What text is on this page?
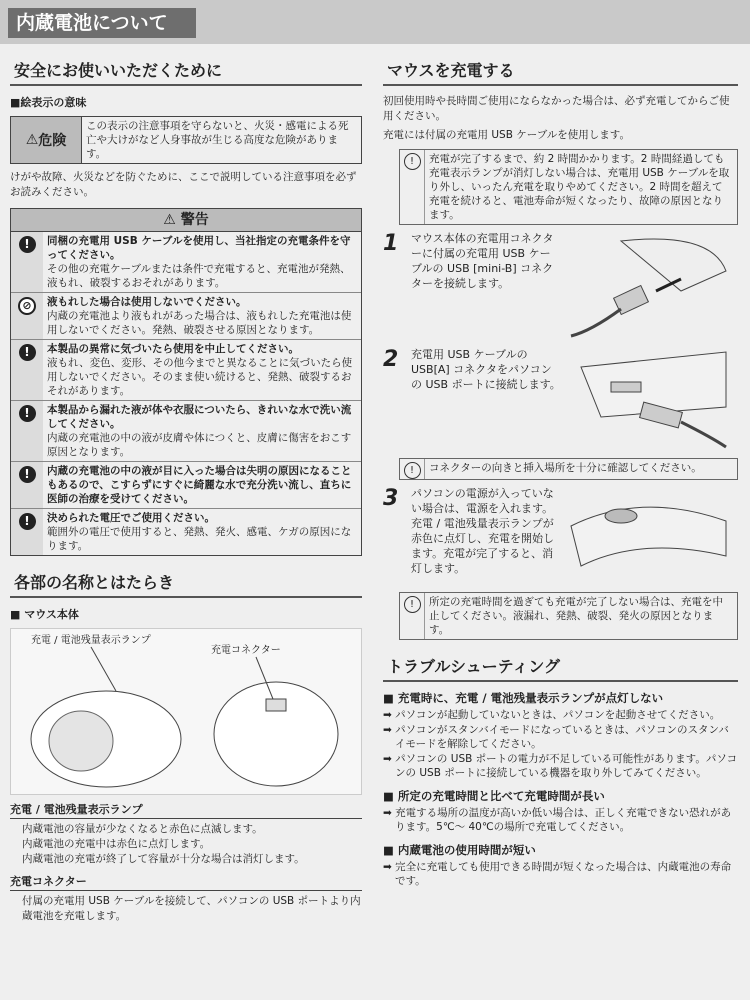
内蔵電池について
安全にお使いいただくために
■絵表示の意味
⚠ 危険
この表示の注意事項を守らないと、火災・感電による死亡や大けがなど人身事故が生じる高度な危険があります。
けがや故障、火災などを防ぐために、ここで説明している注意事項を必ずお読みください。
⚠ 警告
!	同梱の充電用 USB ケーブルを使用し、当社指定の充電条件を守ってください。
その他の充電ケーブルまたは条件で充電すると、充電池が発熱、液もれ、破裂するおそれがあります。
⊘	液もれした場合は使用しないでください。
内蔵の充電池より液もれがあった場合は、液もれした充電池は使用しないでください。発熱、破裂させる原因となります。
!	本製品の異常に気づいたら使用を中止してください。
液もれ、変色、変形、その他今までと異なることに気づいたら使用しないでください。そのまま使い続けると、発熱、破裂するおそれがあります。
!	本製品から漏れた液が体や衣服についたら、きれいな水で洗い流してください。
内蔵の充電池の中の液が皮膚や体につくと、皮膚に傷害をおこす原因となります。
!	内蔵の充電池の中の液が目に入った場合は失明の原因になることもあるので、こすらずにすぐに綺麗な水で充分洗い流し、直ちに医師の治療を受けてください。
!	決められた電圧でご使用ください。
範囲外の電圧で使用すると、発熱、発火、感電、ケガの原因になります。
各部の名称とはたらき
■ マウス本体
充電 / 電池残量表示ランプ
充電コネクター
充電 / 電池残量表示ランプ
内蔵電池の容量が少なくなると赤色に点滅します。
内蔵電池の充電中は赤色に点灯します。
内蔵電池の充電が終了して容量が十分な場合は消灯します。
充電コネクター
付属の充電用 USB ケーブルを接続して、パソコンの USB ポートより内蔵電池を充電します。
マウスを充電する
初回使用時や長時間ご使用にならなかった場合は、必ず充電してからご使用ください。
充電には付属の充電用 USB ケーブルを使用します。
!	充電が完了するまで、約 2 時間かかります。2 時間経過しても充電表示ランプが消灯しない場合は、充電用 USB ケーブルを取り外し、いったん充電を取りやめてください。2 時間を超えて充電を続けると、電池寿命が短くなったり、故障の原因となります。
1	マウス本体の充電用コネクターに付属の充電用 USB ケーブルの USB [mini-B] コネクターを接続します。
2	充電用 USB ケーブルの USB[A] コネクタをパソコンの USB ポートに接続します。
!	コネクターの向きと挿入場所を十分に確認してください。
3	パソコンの電源が入っていない場合は、電源を入れます。充電 / 電池残量表示ランプが赤色に点灯し、充電を開始します。充電が完了すると、消灯します。
!	所定の充電時間を過ぎても充電が完了しない場合は、充電を中止してください。液漏れ、発熱、破裂、発火の原因となります。
トラブルシューティング
■ 充電時に、充電 / 電池残量表示ランプが点灯しない
➡ パソコンが起動していないときは、パソコンを起動させてください。
➡ パソコンがスタンバイモードになっているときは、パソコンのスタンバイモードを解除してください。
➡ パソコンの USB ポートの電力が不足している可能性があります。パソコンの USB ポートに接続している機器を取り外してみてください。
■ 所定の充電時間と比べて充電時間が長い
➡ 充電する場所の温度が高いか低い場合は、正しく充電できない恐れがあります。5℃～ 40℃の場所で充電してください。
■ 内蔵電池の使用時間が短い
➡ 完全に充電しても使用できる時間が短くなった場合は、内蔵電池の寿命です。
